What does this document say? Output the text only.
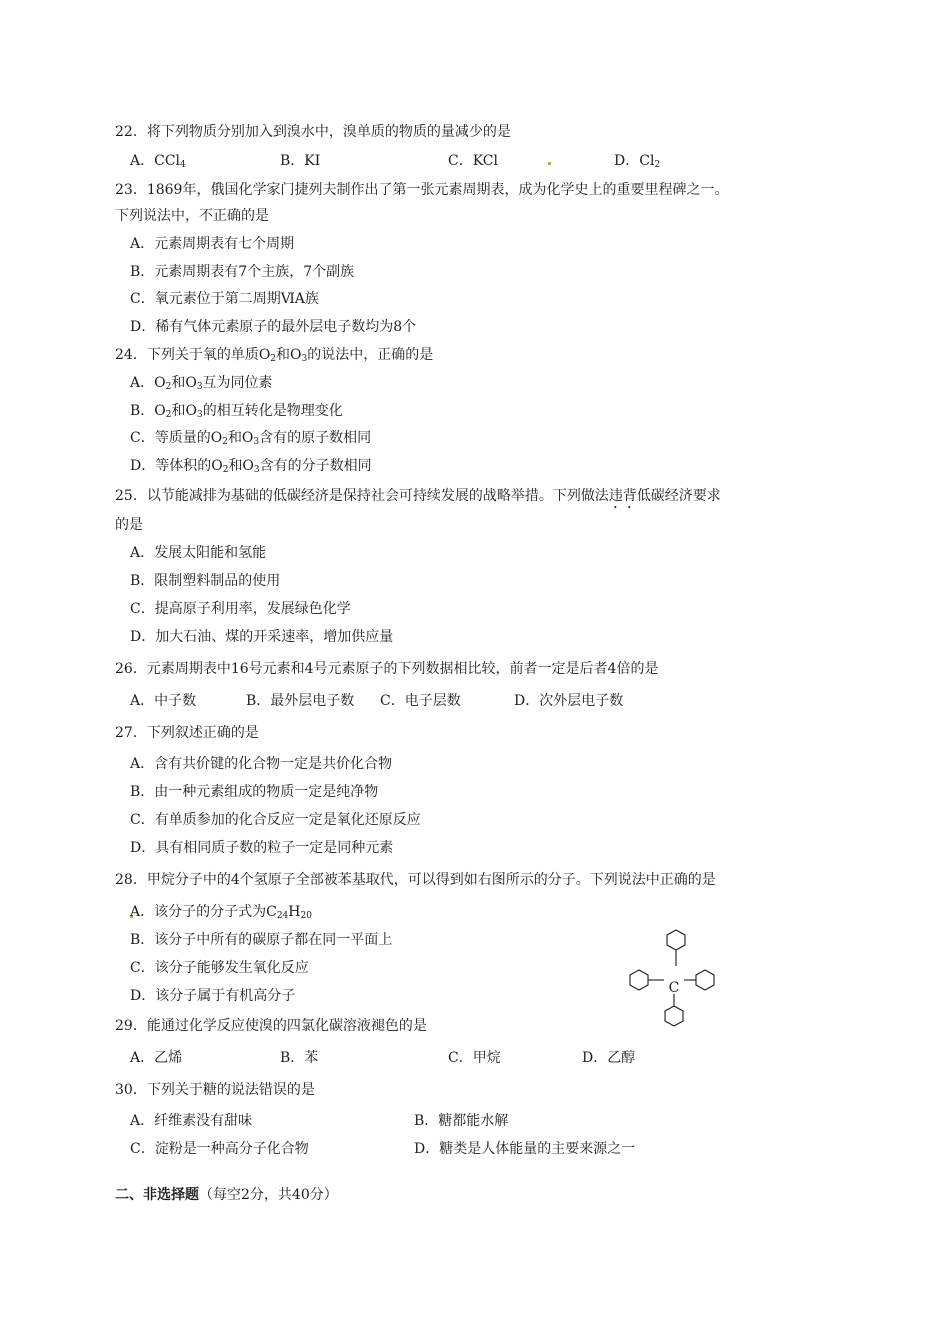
22．将下列物质分别加入到溴水中，溴单质的物质的量减少的是
A．CCl$_4$	B．KI	C．KCl	D．$Cl_2$
23．1869年，俄国化学家门捷列夫制作出了第一张元素周期表，成为化学史上的重要里程碑之一。
下列说法中，不正确的是
A．元素周期表有七个周期
B．元素周期表有7个主族，7个副族
C．氧元素位于第二周期ⅥA族
D．稀有气体元素原子的最外层电子数均为8个
24．下列关于氧的单质$O_2$和$O_3$的说法中，正确的是
A．$O_2$和$O_3$互为同位素
B．$O_2$和$O_3$的相互转化是物理变化
C．等质量的$O_2$和$O_3$含有的原子数相同
D．等体积的$O_2$和$O_3$含有的分子数相同
25．以节能减排为基础的低碳经济是保持社会可持续发展的战略举措。下列做法违背低碳经济要求
的是
A．发展太阳能和氢能
B．限制塑料制品的使用
C．提高原子利用率，发展绿色化学
D．加大石油、煤的开采速率，增加供应量
26．元素周期表中16号元素和4号元素原子的下列数据相比较，前者一定是后者4倍的是
A．中子数	B．最外层电子数 C．电子层数	D．次外层电子数
27．下列叙述正确的是
A．含有共价键的化合物一定是共价化合物
B．由一种元素组成的物质一定是纯净物
C．有单质参加的化合反应一定是氧化还原反应
D．具有相同质子数的粒子一定是同种元素
28．甲烷分子中的4个氢原子全部被苯基取代，可以得到如右图所示的分子。下列说法中正确的是
A．该分子的分子式为$C_{24}H_{20}$
B．该分子中所有的碳原子都在同一平面上
C．该分子能够发生氧化反应
D．该分子属于有机高分子	C
29．能通过化学反应使溴的四氯化碳溶液褪色的是
A．乙烯	B．苯	C．甲烷	D．乙醇
30．下列关于糖的说法错误的是
A．纤维素没有甜味	B．糖都能水解
C．淀粉是一种高分子化合物	D．糖类是人体能量的主要来源之一
二、非选择题（每空2分，共40分）
